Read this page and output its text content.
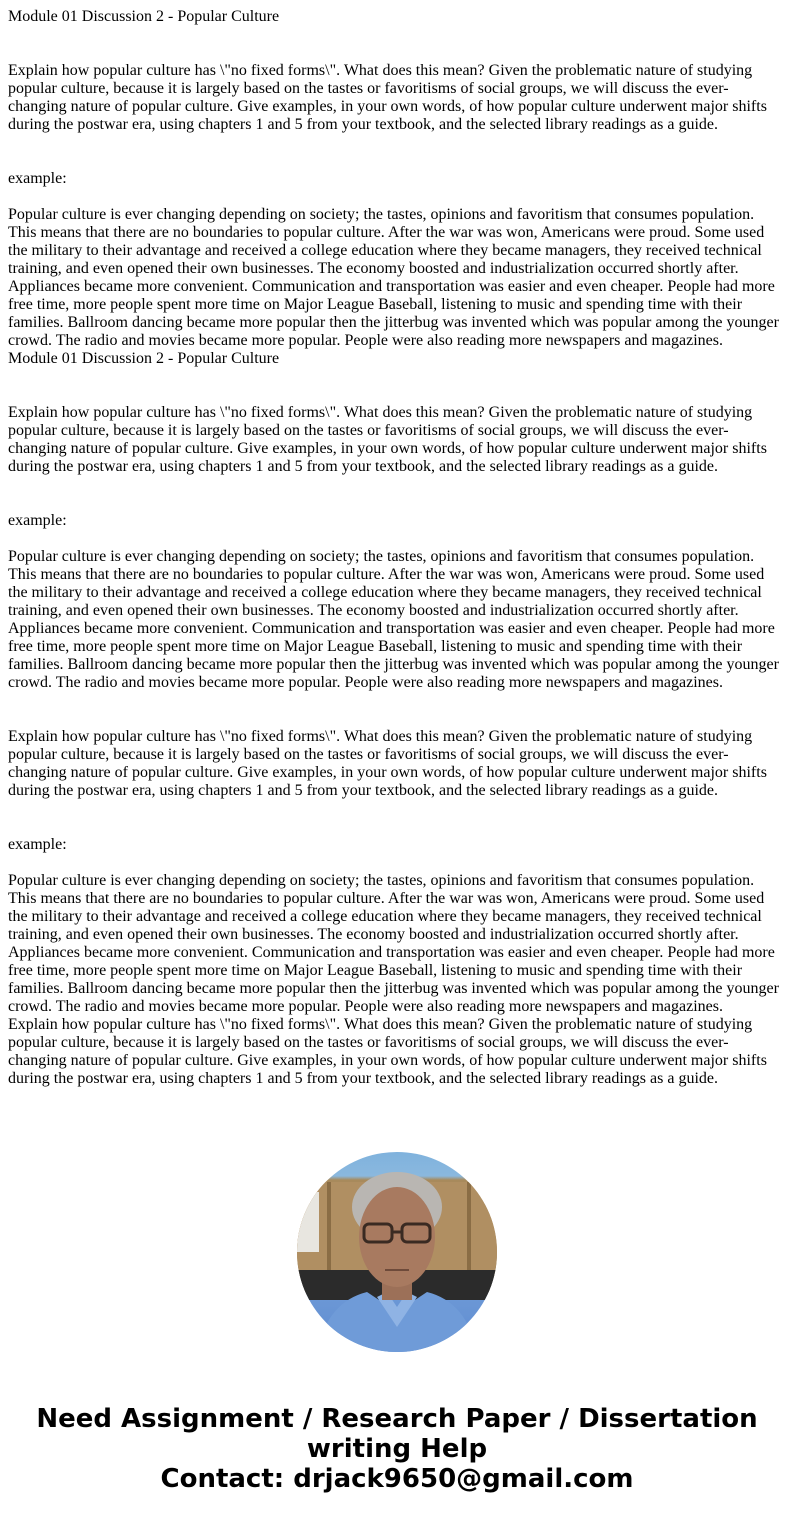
Module 01 Discussion 2 - Popular Culture

Explain how popular culture has \"no fixed forms\". What does this mean? Given the problematic nature of studying popular culture, because it is largely based on the tastes or favoritisms of social groups, we will discuss the ever-changing nature of popular culture. Give examples, in your own words, of how popular culture underwent major shifts during the postwar era, using chapters 1 and 5 from your textbook, and the selected library readings as a guide.

example:

Popular culture is ever changing depending on society; the tastes, opinions and favoritism that consumes population. This means that there are no boundaries to popular culture. After the war was won, Americans were proud. Some used the military to their advantage and received a college education where they became managers, they received technical training, and even opened their own businesses. The economy boosted and industrialization occurred shortly after. Appliances became more convenient. Communication and transportation was easier and even cheaper. People had more free time, more people spent more time on Major League Baseball, listening to music and spending time with their families. Ballroom dancing became more popular then the jitterbug was invented which was popular among the younger crowd. The radio and movies became more popular. People were also reading more newspapers and magazines.

Module 01 Discussion 2 - Popular Culture

Explain how popular culture has \"no fixed forms\". What does this mean? Given the problematic nature of studying popular culture, because it is largely based on the tastes or favoritisms of social groups, we will discuss the ever-changing nature of popular culture. Give examples, in your own words, of how popular culture underwent major shifts during the postwar era, using chapters 1 and 5 from your textbook, and the selected library readings as a guide.

example:

Popular culture is ever changing depending on society; the tastes, opinions and favoritism that consumes population. This means that there are no boundaries to popular culture. After the war was won, Americans were proud. Some used the military to their advantage and received a college education where they became managers, they received technical training, and even opened their own businesses. The economy boosted and industrialization occurred shortly after. Appliances became more convenient. Communication and transportation was easier and even cheaper. People had more free time, more people spent more time on Major League Baseball, listening to music and spending time with their families. Ballroom dancing became more popular then the jitterbug was invented which was popular among the younger crowd. The radio and movies became more popular. People were also reading more newspapers and magazines.

Explain how popular culture has \"no fixed forms\". What does this mean? Given the problematic nature of studying popular culture, because it is largely based on the tastes or favoritisms of social groups, we will discuss the ever-changing nature of popular culture. Give examples, in your own words, of how popular culture underwent major shifts during the postwar era, using chapters 1 and 5 from your textbook, and the selected library readings as a guide.

example:

Popular culture is ever changing depending on society; the tastes, opinions and favoritism that consumes population. This means that there are no boundaries to popular culture. After the war was won, Americans were proud. Some used the military to their advantage and received a college education where they became managers, they received technical training, and even opened their own businesses. The economy boosted and industrialization occurred shortly after. Appliances became more convenient. Communication and transportation was easier and even cheaper. People had more free time, more people spent more time on Major League Baseball, listening to music and spending time with their families. Ballroom dancing became more popular then the jitterbug was invented which was popular among the younger crowd. The radio and movies became more popular. People were also reading more newspapers and magazines.

Explain how popular culture has \"no fixed forms\". What does this mean? Given the problematic nature of studying popular culture, because it is largely based on the tastes or favoritisms of social groups, we will discuss the ever-changing nature of popular culture. Give examples, in your own words, of how popular culture underwent major shifts during the postwar era, using chapters 1 and 5 from your textbook, and the selected library readings as a guide.

Need Assignment / Research Paper / Dissertation
writing Help
Contact: drjack9650@gmail.com
